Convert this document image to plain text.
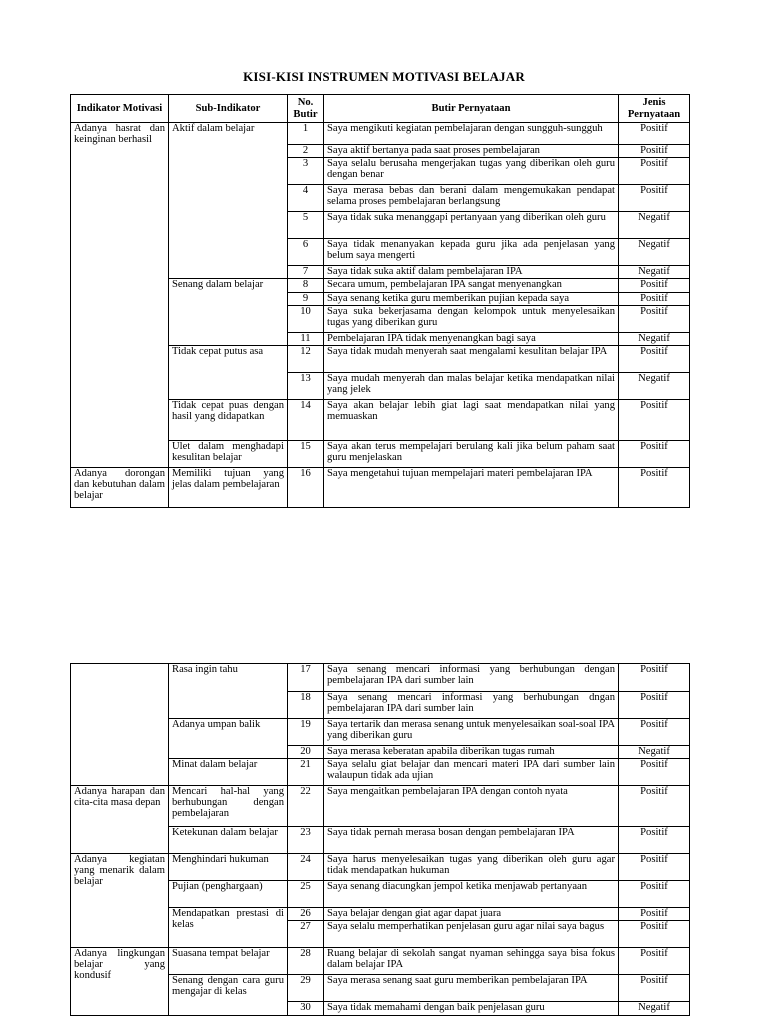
KISI-KISI INSTRUMEN MOTIVASI BELAJAR
Indikator Motivasi	Sub-Indikator	No. Butir	Butir Pernyataan	Jenis Pernyataan
Adanya hasrat dan keinginan berhasil	Aktif dalam belajar	1	Saya mengikuti kegiatan pembelajaran dengan sungguh-sungguh	Positif
		2	Saya aktif bertanya pada saat proses pembelajaran	Positif
		3	Saya selalu berusaha mengerjakan tugas yang diberikan oleh guru dengan benar	Positif
		4	Saya merasa bebas dan berani dalam mengemukakan pendapat selama proses pembelajaran berlangsung	Positif
		5	Saya tidak suka menanggapi pertanyaan yang diberikan oleh guru	Negatif
		6	Saya tidak menanyakan kepada guru jika ada penjelasan yang belum saya mengerti	Negatif
		7	Saya tidak suka aktif dalam pembelajaran IPA	Negatif
	Senang dalam belajar	8	Secara umum, pembelajaran IPA sangat menyenangkan	Positif
		9	Saya senang ketika guru memberikan pujian kepada saya	Positif
		10	Saya suka bekerjasama dengan kelompok untuk menyelesaikan tugas yang diberikan guru	Positif
		11	Pembelajaran IPA tidak menyenangkan bagi saya	Negatif
	Tidak cepat putus asa	12	Saya tidak mudah menyerah saat mengalami kesulitan belajar IPA	Positif
		13	Saya mudah menyerah dan malas belajar ketika mendapatkan nilai yang jelek	Negatif
	Tidak cepat puas dengan hasil yang didapatkan	14	Saya akan belajar lebih giat lagi saat mendapatkan nilai yang memuaskan	Positif
	Ulet dalam menghadapi kesulitan belajar	15	Saya akan terus mempelajari berulang kali jika belum paham saat guru menjelaskan	Positif
Adanya dorongan dan kebutuhan dalam belajar	Memiliki tujuan yang jelas dalam pembelajaran	16	Saya mengetahui tujuan mempelajari materi pembelajaran IPA	Positif
	Rasa ingin tahu	17	Saya senang mencari informasi yang berhubungan dengan pembelajaran IPA dari sumber lain	Positif
		18	Saya senang mencari informasi yang berhubungan dngan pembelajaran IPA dari sumber lain	Positif
	Adanya umpan balik	19	Saya tertarik dan merasa senang untuk menyelesaikan soal-soal IPA yang diberikan guru	Positif
		20	Saya merasa keberatan apabila diberikan tugas rumah	Negatif
	Minat dalam belajar	21	Saya selalu giat belajar dan mencari materi IPA dari sumber lain walaupun tidak ada ujian	Positif
Adanya harapan dan cita-cita masa depan	Mencari hal-hal yang berhubungan dengan pembelajaran	22	Saya mengaitkan pembelajaran IPA dengan contoh nyata	Positif
	Ketekunan dalam belajar	23	Saya tidak pernah merasa bosan dengan pembelajaran IPA	Positif
Adanya kegiatan yang menarik dalam belajar	Menghindari hukuman	24	Saya harus menyelesaikan tugas yang diberikan oleh guru agar tidak mendapatkan hukuman	Positif
	Pujian (penghargaan)	25	Saya senang diacungkan jempol ketika menjawab pertanyaan	Positif
	Mendapatkan prestasi di kelas	26	Saya belajar dengan giat agar dapat juara	Positif
		27	Saya selalu memperhatikan penjelasan guru agar nilai saya bagus	Positif
Adanya lingkungan belajar yang kondusif	Suasana tempat belajar	28	Ruang belajar di sekolah sangat nyaman sehingga saya bisa fokus dalam belajar IPA	Positif
	Senang dengan cara guru mengajar di kelas	29	Saya merasa senang saat guru memberikan pembelajaran IPA	Positif
		30	Saya tidak memahami dengan baik penjelasan guru	Negatif
